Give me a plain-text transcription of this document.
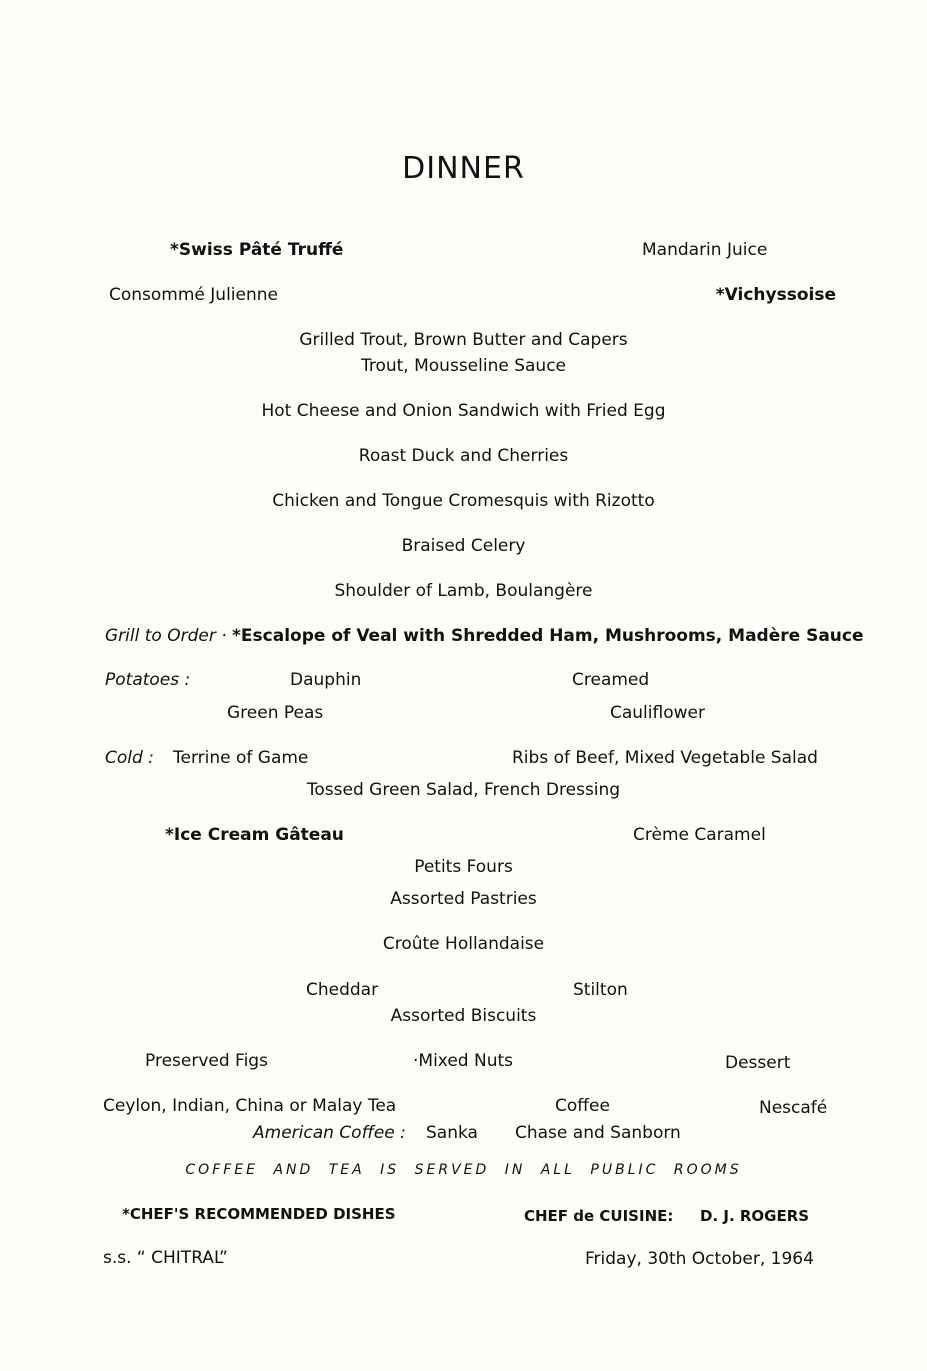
DINNER
*Swiss Pâté Truffé	Mandarin Juice
Consommé Julienne	*Vichyssoise
Grilled Trout, Brown Butter and Capers
Trout, Mousseline Sauce
Hot Cheese and Onion Sandwich with Fried Egg
Roast Duck and Cherries
Chicken and Tongue Cromesquis with Rizotto
Braised Celery
Shoulder of Lamb, Boulangère
Grill to Order · *Escalope of Veal with Shredded Ham, Mushrooms, Madère Sauce
Potatoes :	Dauphin	Creamed
Green Peas	Cauliflower
Cold : Terrine of Game	Ribs of Beef, Mixed Vegetable Salad
Tossed Green Salad, French Dressing
*Ice Cream Gâteau	Crème Caramel
Petits Fours
Assorted Pastries
Croûte Hollandaise
Cheddar	Stilton
Assorted Biscuits
Preserved Figs	·Mixed Nuts	Dessert
Ceylon, Indian, China or Malay Tea	Coffee	Nescafé
American Coffee : Sanka Chase and Sanborn
COFFEE AND TEA IS SERVED IN ALL PUBLIC ROOMS
*CHEF'S RECOMMENDED DISHES	CHEF de CUISINE: D. J. ROGERS
s.s. “ CHITRAL”	Friday, 30th October, 1964
